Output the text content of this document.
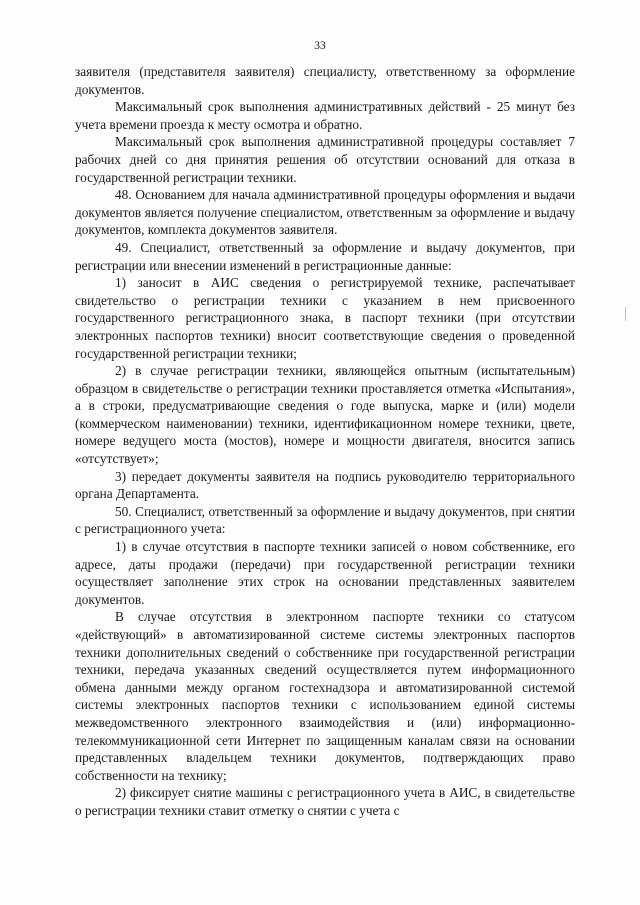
33

заявителя (представителя заявителя) специалисту, ответственному за оформление документов.

Максимальный срок выполнения административных действий - 25 минут без учета времени проезда к месту осмотра и обратно.

Максимальный срок выполнения административной процедуры составляет 7 рабочих дней со дня принятия решения об отсутствии оснований для отказа в государственной регистрации техники.

48. Основанием для начала административной процедуры оформления и выдачи документов является получение специалистом, ответственным за оформление и выдачу документов, комплекта документов заявителя.

49. Специалист, ответственный за оформление и выдачу документов, при регистрации или внесении изменений в регистрационные данные:

1) заносит в АИС сведения о регистрируемой технике, распечатывает свидетельство о регистрации техники с указанием в нем присвоенного государственного регистрационного знака, в паспорт техники (при отсутствии электронных паспортов техники) вносит соответствующие сведения о проведенной государственной регистрации техники;

2) в случае регистрации техники, являющейся опытным (испытательным) образцом в свидетельстве о регистрации техники проставляется отметка «Испытания», а в строки, предусматривающие сведения о годе выпуска, марке и (или) модели (коммерческом наименовании) техники, идентификационном номере техники, цвете, номере ведущего моста (мостов), номере и мощности двигателя, вносится запись «отсутствует»;

3) передает документы заявителя на подпись руководителю территориального органа Департамента.

50. Специалист, ответственный за оформление и выдачу документов, при снятии с регистрационного учета:

1) в случае отсутствия в паспорте техники записей о новом собственнике, его адресе, даты продажи (передачи) при государственной регистрации техники осуществляет заполнение этих строк на основании представленных заявителем документов.

В случае отсутствия в электронном паспорте техники со статусом «действующий» в автоматизированной системе системы электронных паспортов техники дополнительных сведений о собственнике при государственной регистрации техники, передача указанных сведений осуществляется путем информационного обмена данными между органом гостехнадзора и автоматизированной системой системы электронных паспортов техники с использованием единой системы межведомственного электронного взаимодействия и (или) информационно-телекоммуникационной сети Интернет по защищенным каналам связи на основании представленных владельцем техники документов, подтверждающих право собственности на технику;

2) фиксирует снятие машины с регистрационного учета в АИС, в свидетельстве о регистрации техники ставит отметку о снятии с учета с
